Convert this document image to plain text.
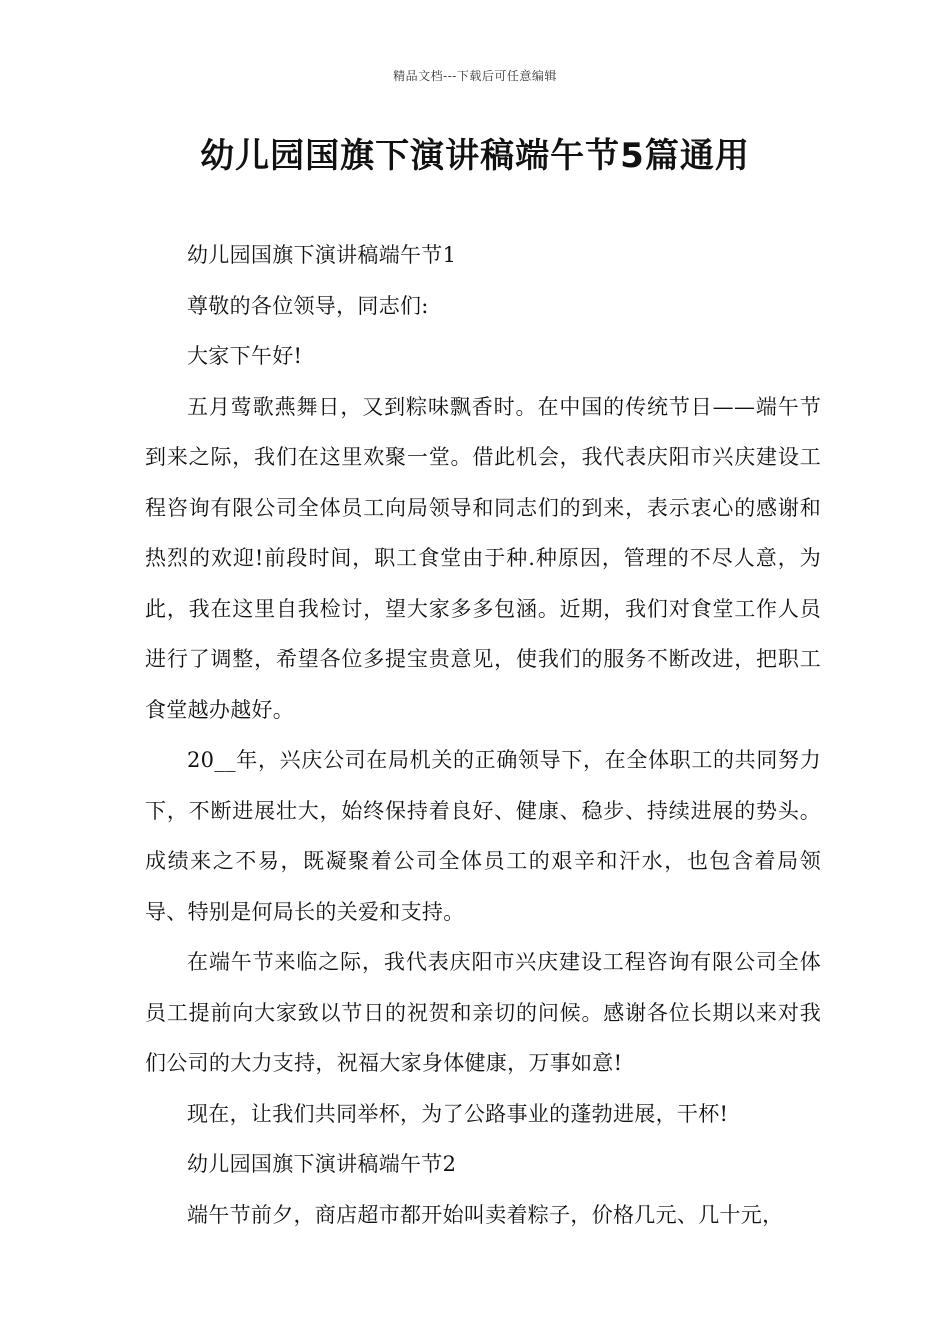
精品文档---下载后可任意编辑
幼儿园国旗下演讲稿端午节5篇通用

幼儿园国旗下演讲稿端午节1

尊敬的各位领导，同志们:

大家下午好!

五月莺歌燕舞日，又到粽味飘香时。在中国的传统节日——端午节到来之际，我们在这里欢聚一堂。借此机会，我代表庆阳市兴庆建设工程咨询有限公司全体员工向局领导和同志们的到来，表示衷心的感谢和热烈的欢迎!前段时间，职工食堂由于种.种原因，管理的不尽人意，为此，我在这里自我检讨，望大家多多包涵。近期，我们对食堂工作人员进行了调整，希望各位多提宝贵意见，使我们的服务不断改进，把职工食堂越办越好。

20__年，兴庆公司在局机关的正确领导下，在全体职工的共同努力下，不断进展壮大，始终保持着良好、健康、稳步、持续进展的势头。成绩来之不易，既凝聚着公司全体员工的艰辛和汗水，也包含着局领导、特别是何局长的关爱和支持。

在端午节来临之际，我代表庆阳市兴庆建设工程咨询有限公司全体员工提前向大家致以节日的祝贺和亲切的问候。感谢各位长期以来对我们公司的大力支持，祝福大家身体健康，万事如意!

现在，让我们共同举杯，为了公路事业的蓬勃进展，干杯!

幼儿园国旗下演讲稿端午节2

端午节前夕，商店超市都开始叫卖着粽子，价格几元、几十元，
